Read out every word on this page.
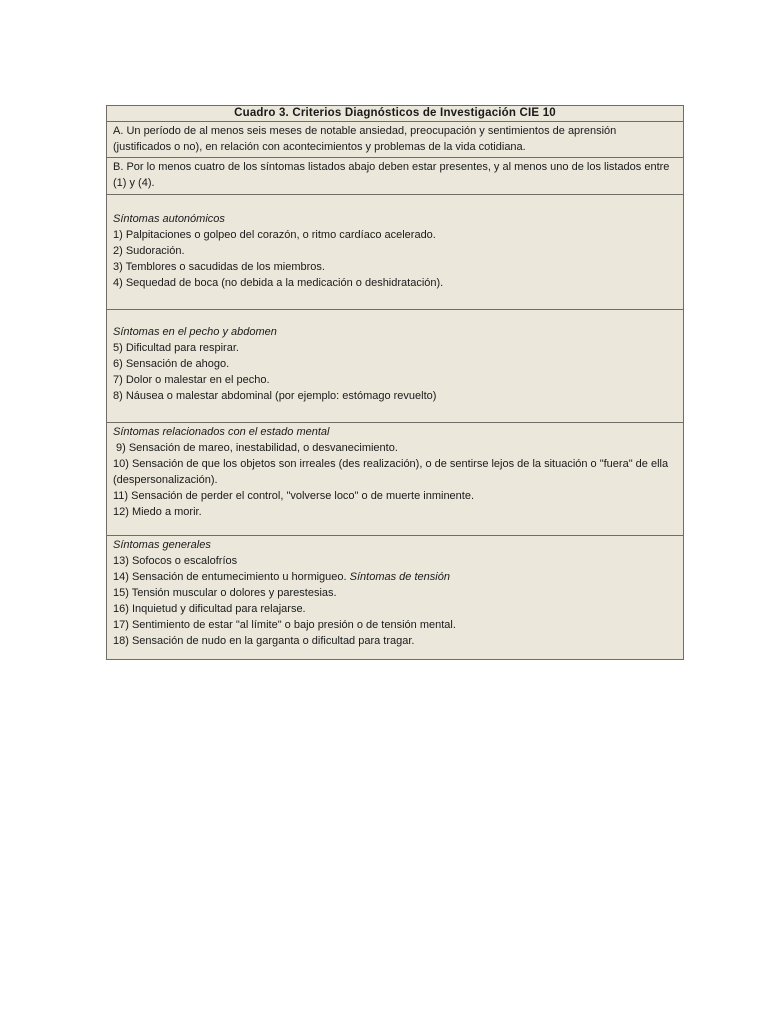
Cuadro 3. Criterios Diagnósticos de Investigación CIE 10
A. Un período de al menos seis meses de notable ansiedad, preocupación y sentimientos de aprensión (justificados o no), en relación con acontecimientos y problemas de la vida cotidiana.
B. Por lo menos cuatro de los síntomas listados abajo deben estar presentes, y al menos uno de los listados entre (1) y (4).
Síntomas autonómicos
1) Palpitaciones o golpeo del corazón, o ritmo cardíaco acelerado.
2) Sudoración.
3) Temblores o sacudidas de los miembros.
4) Sequedad de boca (no debida a la medicación o deshidratación).
Síntomas en el pecho y abdomen
5) Dificultad para respirar.
6) Sensación de ahogo.
7) Dolor o malestar en el pecho.
8) Náusea o malestar abdominal (por ejemplo: estómago revuelto)
Síntomas relacionados con el estado mental
9) Sensación de mareo, inestabilidad, o desvanecimiento.
10) Sensación de que los objetos son irreales (des realización), o de sentirse lejos de la situación o "fuera" de ella (despersonalización).
11) Sensación de perder el control, "volverse loco" o de muerte inminente.
12) Miedo a morir.
Síntomas generales
13) Sofocos o escalofríos
14) Sensación de entumecimiento u hormigueo. Síntomas de tensión
15) Tensión muscular o dolores y parestesias.
16) Inquietud y dificultad para relajarse.
17) Sentimiento de estar "al límite" o bajo presión o de tensión mental.
18) Sensación de nudo en la garganta o dificultad para tragar.
